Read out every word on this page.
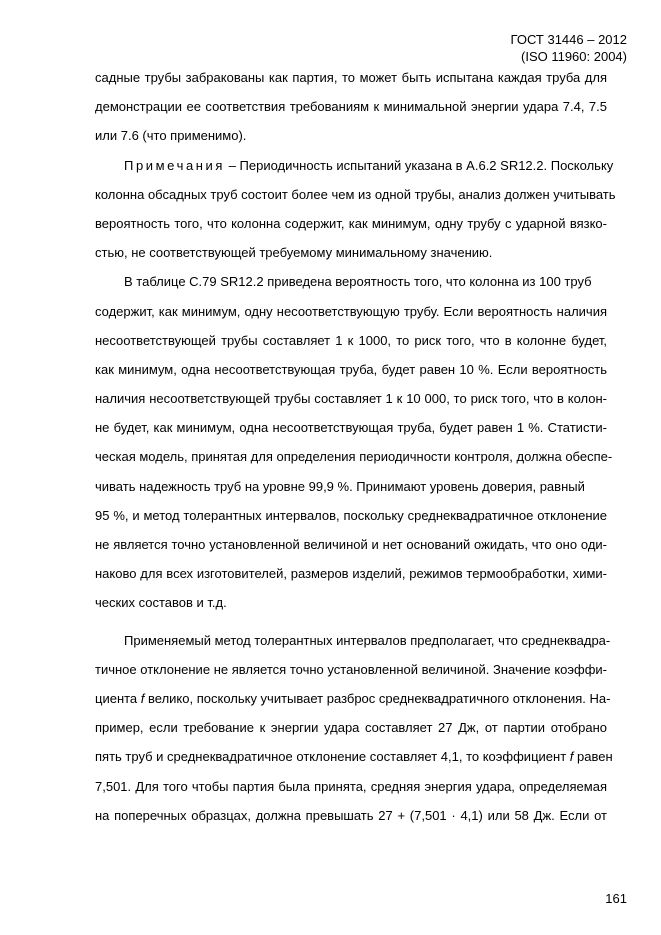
ГОСТ 31446 – 2012
(ISO 11960: 2004)
садные трубы забракованы как партия, то может быть испытана каждая труба для
демонстрации ее соответствия требованиям к минимальной энергии удара 7.4, 7.5
или 7.6 (что применимо).
Примечания – Периодичность испытаний указана в А.6.2 SR12.2. Поскольку
колонна обсадных труб состоит более чем из одной трубы, анализ должен учитывать
вероятность того, что колонна содержит, как минимум, одну трубу с ударной вязко-
стью, не соответствующей требуемому минимальному значению.
В таблице С.79 SR12.2 приведена вероятность того, что колонна из 100 труб
содержит, как минимум, одну несоответствующую трубу. Если вероятность наличия
несоответствующей трубы составляет 1 к 1000, то риск того, что в колонне будет,
как минимум, одна несоответствующая труба, будет равен 10 %. Если вероятность
наличия несоответствующей трубы составляет 1 к 10 000, то риск того, что в колон-
не будет, как минимум, одна несоответствующая труба, будет равен 1 %. Статисти-
ческая модель, принятая для определения периодичности контроля, должна обеспе-
чивать надежность труб на уровне 99,9 %. Принимают уровень доверия, равный
95 %, и метод толерантных интервалов, поскольку среднеквадратичное отклонение
не является точно установленной величиной и нет оснований ожидать, что оно оди-
наково для всех изготовителей, размеров изделий, режимов термообработки, хими-
ческих составов и т.д.
Применяемый метод толерантных интервалов предполагает, что среднеквадра-
тичное отклонение не является точно установленной величиной. Значение коэффи-
циента f велико, поскольку учитывает разброс среднеквадратичного отклонения. На-
пример, если требование к энергии удара составляет 27 Дж, от партии отобрано
пять труб и среднеквадратичное отклонение составляет 4,1, то коэффициент f равен
7,501. Для того чтобы партия была принята, средняя энергия удара, определяемая
на поперечных образцах, должна превышать 27 + (7,501 · 4,1) или 58 Дж. Если от
161
